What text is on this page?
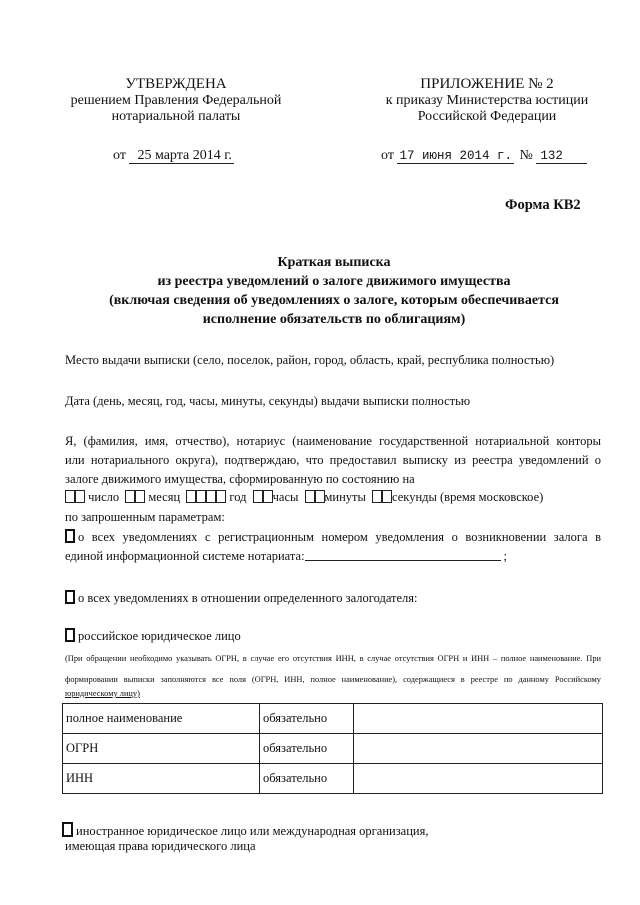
УТВЕРЖДЕНА
решением Правления Федеральной
нотариальной палаты
от 25 марта 2014 г.
ПРИЛОЖЕНИЕ № 2
к приказу Министерства юстиции
Российской Федерации
от 17 июня 2014 г. № 132
Форма КВ2
Краткая выписка
из реестра уведомлений о залоге движимого имущества
(включая сведения об уведомлениях о залоге, которым обеспечивается
исполнение обязательств по облигациям)
Место выдачи выписки (село, поселок, район, город, область, край, республика полностью)
Дата (день, месяц, год, часы, минуты, секунды) выдачи выписки полностью
Я, (фамилия, имя, отчество), нотариус (наименование государственной нотариальной конторы
или нотариального округа), подтверждаю, что предоставил выписку из реестра уведомлений о
залоге движимого имущества, сформированную по состоянию на
число месяц	год часы минуты секунды (время московское)
по запрошенным параметрам:
о всех уведомлениях с регистрационным номером уведомления о возникновении залога в
единой информационной системе нотариата:	;
о всех уведомлениях в отношении определенного залогодателя:
российское юридическое лицо
(При обращении необходимо указывать ОГРН, в случае его отсутствия ИНН, в случае отсутствия ОГРН и ИНН – полное наименование. При
формировании выписки заполняются все поля (ОГРН, ИНН, полное наименование), содержащиеся в реестре по данному Российскому
юридическому лицу)
полное наименование	обязательно	
ОГРН	обязательно	
ИНН	обязательно	
иностранное юридическое лицо или международная организация,
имеющая права юридического лица
